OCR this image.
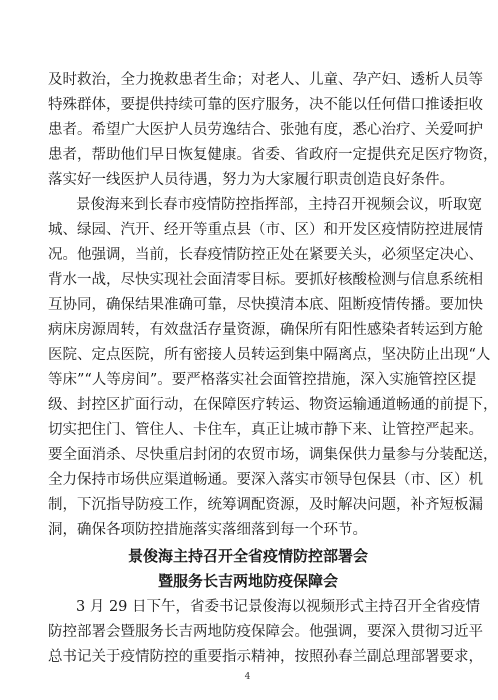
及时救治，全力挽救患者生命；对老人、儿童、孕产妇、透析人员等
特殊群体，要提供持续可靠的医疗服务，决不能以任何借口推诿拒收
患者。希望广大医护人员劳逸结合、张弛有度，悉心治疗、关爱呵护
患者，帮助他们早日恢复健康。省委、省政府一定提供充足医疗物资，
落实好一线医护人员待遇，努力为大家履行职责创造良好条件。
景俊海来到长春市疫情防控指挥部，主持召开视频会议，听取宽
城、绿园、汽开、经开等重点县（市、区）和开发区疫情防控进展情
况。他强调，当前，长春疫情防控正处在紧要关头，必须坚定决心、
背水一战，尽快实现社会面清零目标。要抓好核酸检测与信息系统相
互协同，确保结果准确可靠，尽快摸清本底、阻断疫情传播。要加快
病床房源周转，有效盘活存量资源，确保所有阳性感染者转运到方舱
医院、定点医院，所有密接人员转运到集中隔离点，坚决防止出现“人
等床”“人等房间”。要严格落实社会面管控措施，深入实施管控区提
级、封控区扩面行动，在保障医疗转运、物资运输通道畅通的前提下，
切实把住门、管住人、卡住车，真正让城市静下来、让管控严起来。
要全面消杀、尽快重启封闭的农贸市场，调集保供力量参与分装配送，
全力保持市场供应渠道畅通。要深入落实市领导包保县（市、区）机
制，下沉指导防疫工作，统筹调配资源，及时解决问题，补齐短板漏
洞，确保各项防控措施落实落细落到每一个环节。
景俊海主持召开全省疫情防控部署会
暨服务长吉两地防疫保障会
3 月 29 日下午，省委书记景俊海以视频形式主持召开全省疫情
防控部署会暨服务长吉两地防疫保障会。他强调，要深入贯彻习近平
总书记关于疫情防控的重要指示精神，按照孙春兰副总理部署要求，
4
